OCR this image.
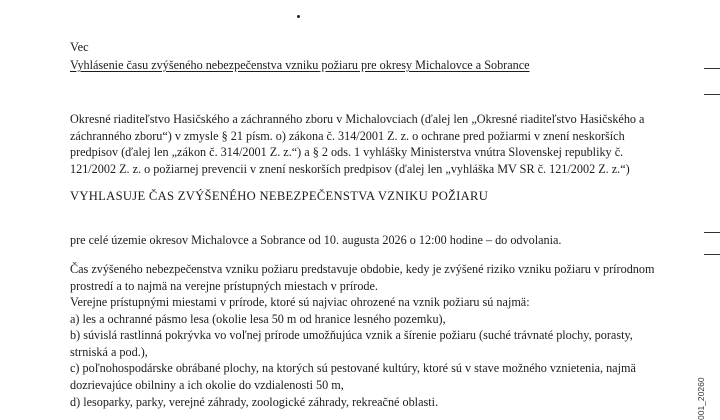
Vec
Vyhlásenie času zvýšeného nebezpečenstva vzniku požiaru pre okresy Michalovce a Sobrance

Okresné riaditeľstvo Hasičského a záchranného zboru v Michalovciach (ďalej len „Okresné riaditeľstvo Hasičského a záchranného zboru“) v zmysle § 21 písm. o) zákona č. 314/2001 Z. z. o ochrane pred požiarmi v znení neskorších predpisov (ďalej len „zákon č. 314/2001 Z. z.“) a § 2 ods. 1 vyhlášky Ministerstva vnútra Slovenskej republiky č. 121/2002 Z. z. o požiarnej prevencii v znení neskorších predpisov (ďalej len „vyhláška MV SR č. 121/2002 Z. z.“)

VYHLASUJE ČAS ZVÝŠENÉHO NEBEZPEČENSTVA VZNIKU POŽIARU

pre celé územie okresov Michalovce a Sobrance od 10. augusta 2026 o 12:00 hodine – do odvolania.

Čas zvýšeného nebezpečenstva vzniku požiaru predstavuje obdobie, kedy je zvýšené riziko vzniku požiaru v prírodnom prostredí a to najmä na verejne prístupných miestach v prírode.

Verejne prístupnými miestami v prírode, ktoré sú najviac ohrozené na vznik požiaru sú najmä:
a) les a ochranné pásmo lesa (okolie lesa 50 m od hranice lesného pozemku),
b) súvislá rastlinná pokrývka vo voľnej prírode umožňujúca vznik a šírenie požiaru (suché trávnaté plochy, porasty, strniská a pod.),
c) poľnohospodárske obrábané plochy, na ktorých sú pestované kultúry, ktoré sú v stave možného vznietenia, najmä dozrievajúce obilniny a ich okolie do vzdialenosti 50 m,
d) lesoparky, parky, verejné záhrady, zoologické záhrady, rekreačné oblasti.	001_20260
